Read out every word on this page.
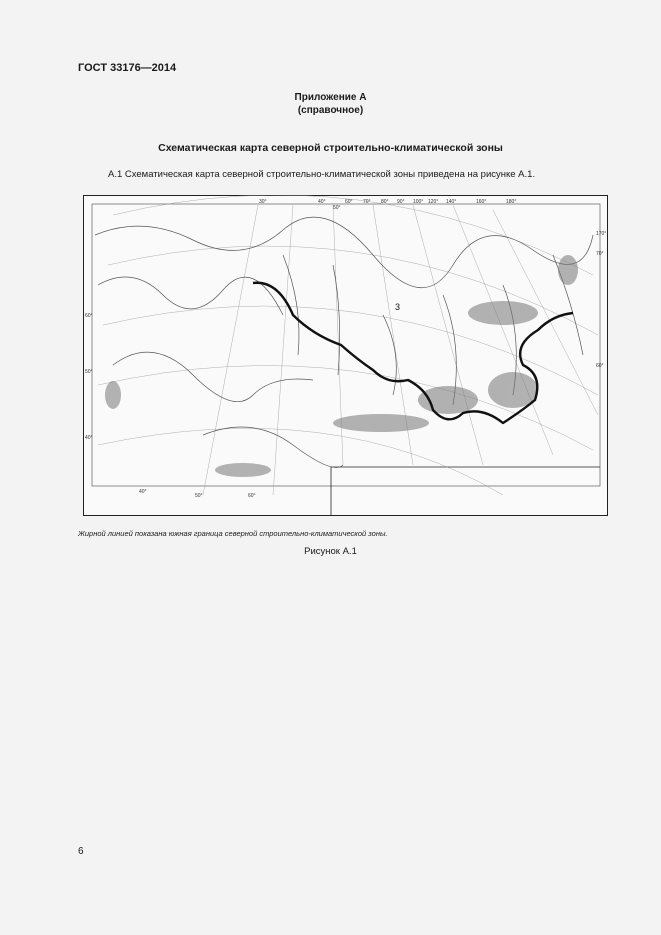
ГОСТ 33176—2014
Приложение А
(справочное)
Схематическая карта северной строительно-климатической зоны
А.1 Схематическая карта северной строительно-климатической зоны приведена на рисунке А.1.
3
30°	40°
50°
60° 70° 80° 90° 100° 120° 140°	160°	180°
170°
60°
50°
40°
70°
60°
40°
50°	60°
Жирной линией показана южная граница северной строительно-климатической зоны.
Рисунок А.1
6
